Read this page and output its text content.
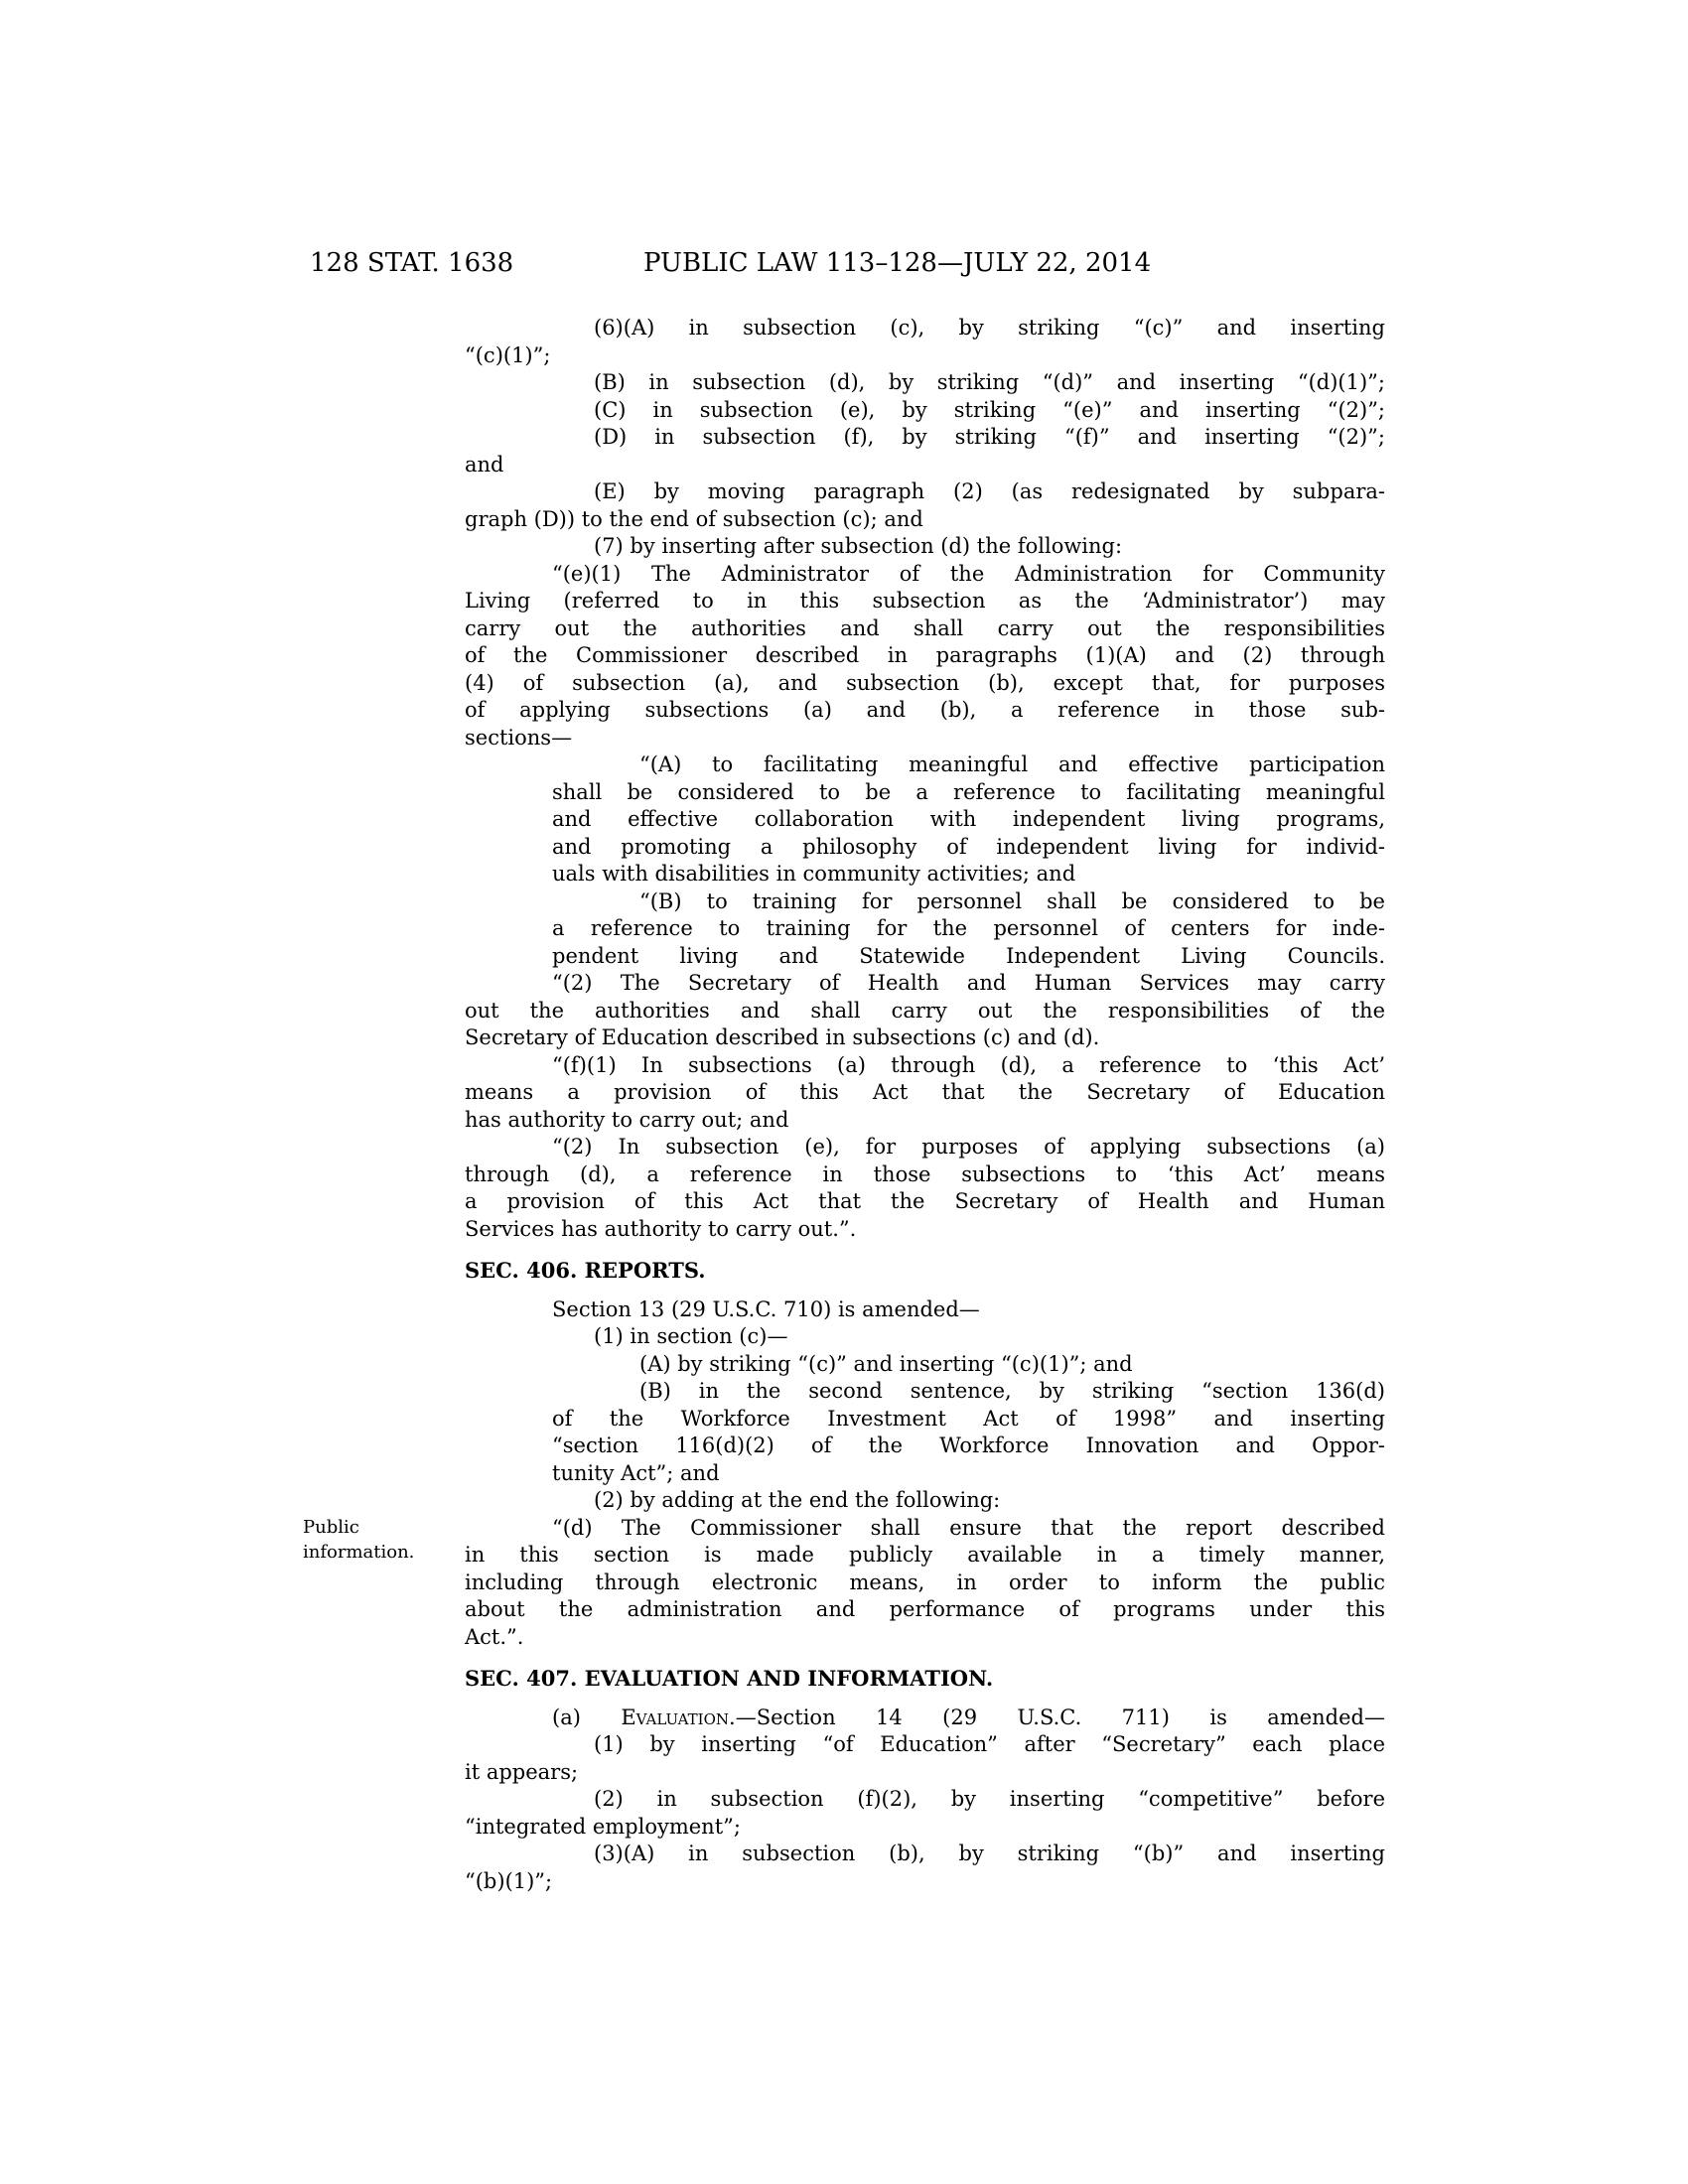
128 STAT. 1638	PUBLIC LAW 113–128—JULY 22, 2014
Public information.
(6)(A) in subsection (c), by striking “(c)” and inserting
“(c)(1)”;
(B) in subsection (d), by striking “(d)” and inserting “(d)(1)”;
(C) in subsection (e), by striking “(e)” and inserting “(2)”;
(D) in subsection (f), by striking “(f)” and inserting “(2)”;
and
(E) by moving paragraph (2) (as redesignated by subpara-
graph (D)) to the end of subsection (c); and
(7) by inserting after subsection (d) the following:
“(e)(1) The Administrator of the Administration for Community
Living (referred to in this subsection as the ‘Administrator’) may
carry out the authorities and shall carry out the responsibilities
of the Commissioner described in paragraphs (1)(A) and (2) through
(4) of subsection (a), and subsection (b), except that, for purposes
of applying subsections (a) and (b), a reference in those sub-
sections—
“(A) to facilitating meaningful and effective participation
shall be considered to be a reference to facilitating meaningful
and effective collaboration with independent living programs,
and promoting a philosophy of independent living for individ-
uals with disabilities in community activities; and
“(B) to training for personnel shall be considered to be
a reference to training for the personnel of centers for inde-
pendent living and Statewide Independent Living Councils.
“(2) The Secretary of Health and Human Services may carry
out the authorities and shall carry out the responsibilities of the
Secretary of Education described in subsections (c) and (d).
“(f)(1) In subsections (a) through (d), a reference to ‘this Act’
means a provision of this Act that the Secretary of Education
has authority to carry out; and
“(2) In subsection (e), for purposes of applying subsections (a)
through (d), a reference in those subsections to ‘this Act’ means
a provision of this Act that the Secretary of Health and Human
Services has authority to carry out.”.
SEC. 406. REPORTS.
Section 13 (29 U.S.C. 710) is amended—
(1) in section (c)—
(A) by striking “(c)” and inserting “(c)(1)”; and
(B) in the second sentence, by striking “section 136(d)
of the Workforce Investment Act of 1998” and inserting
“section 116(d)(2) of the Workforce Innovation and Oppor-
tunity Act”; and
(2) by adding at the end the following:
“(d) The Commissioner shall ensure that the report described
in this section is made publicly available in a timely manner,
including through electronic means, in order to inform the public
about the administration and performance of programs under this
Act.”.
SEC. 407. EVALUATION AND INFORMATION.
(a) Evaluation.—Section 14 (29 U.S.C. 711) is amended—
(1) by inserting “of Education” after “Secretary” each place
it appears;
(2) in subsection (f)(2), by inserting “competitive” before
“integrated employment”;
(3)(A) in subsection (b), by striking “(b)” and inserting
“(b)(1)”;
